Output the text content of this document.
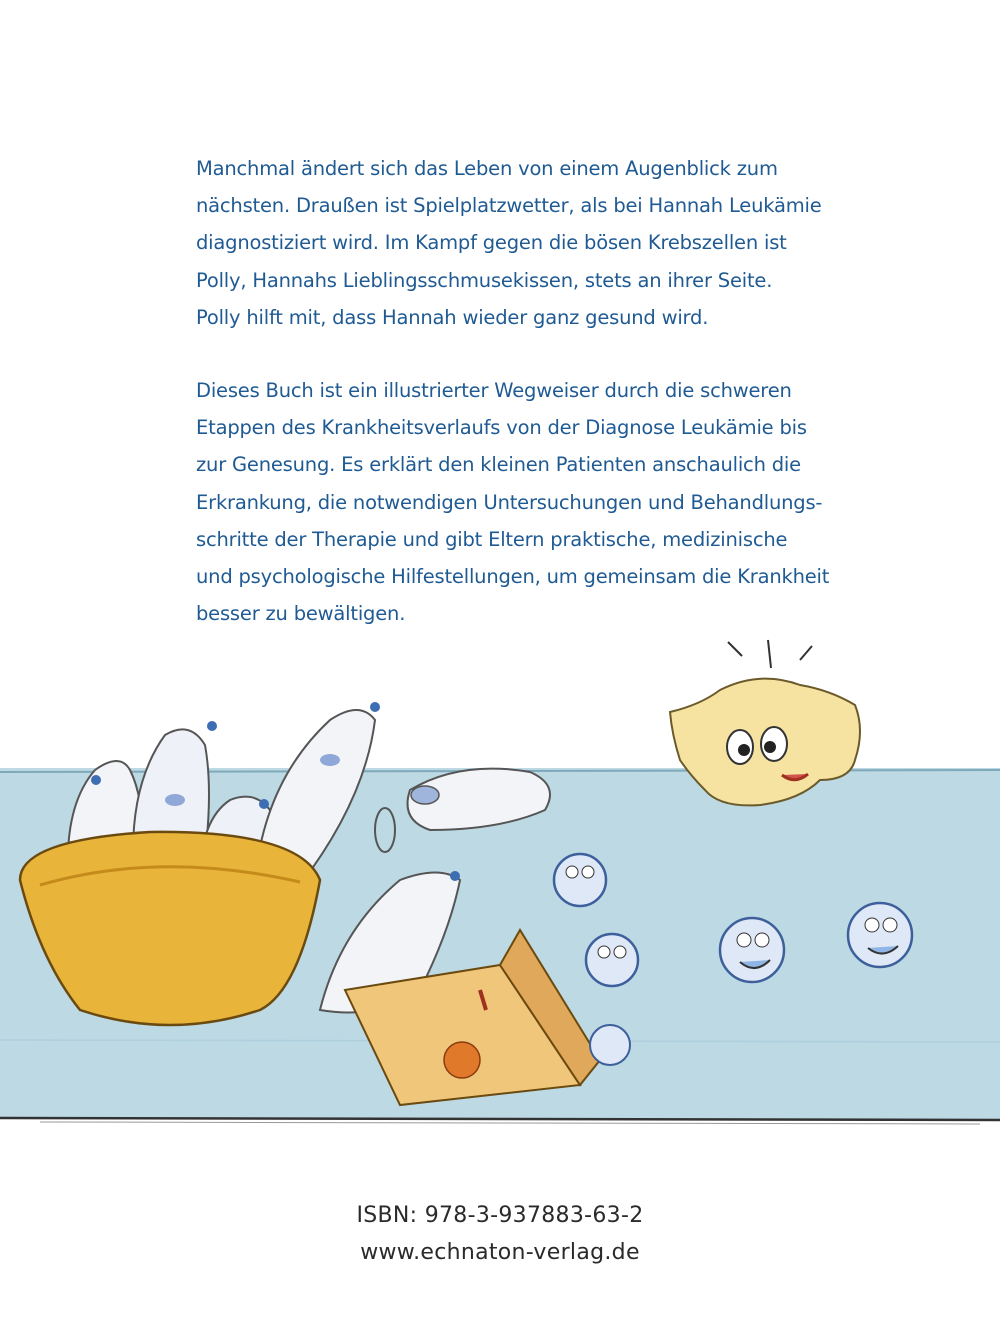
Manchmal ändert sich das Leben von einem Augenblick zum
nächsten. Draußen ist Spielplatzwetter, als bei Hannah Leukämie
diagnostiziert wird. Im Kampf gegen die bösen Krebszellen ist
Polly, Hannahs Lieblingsschmusekissen, stets an ihrer Seite.
Polly hilft mit, dass Hannah wieder ganz gesund wird.
Dieses Buch ist ein illustrierter Wegweiser durch die schweren
Etappen des Krankheitsverlaufs von der Diagnose Leukämie bis
zur Genesung. Es erklärt den kleinen Patienten anschaulich die
Erkrankung, die notwendigen Untersuchungen und Behandlungs-
schritte der Therapie und gibt Eltern praktische, medizinische
und psychologische Hilfestellungen, um gemeinsam die Krankheit
besser zu bewältigen.
ISBN: 978-3-937883-63-2
www.echnaton-verlag.de
